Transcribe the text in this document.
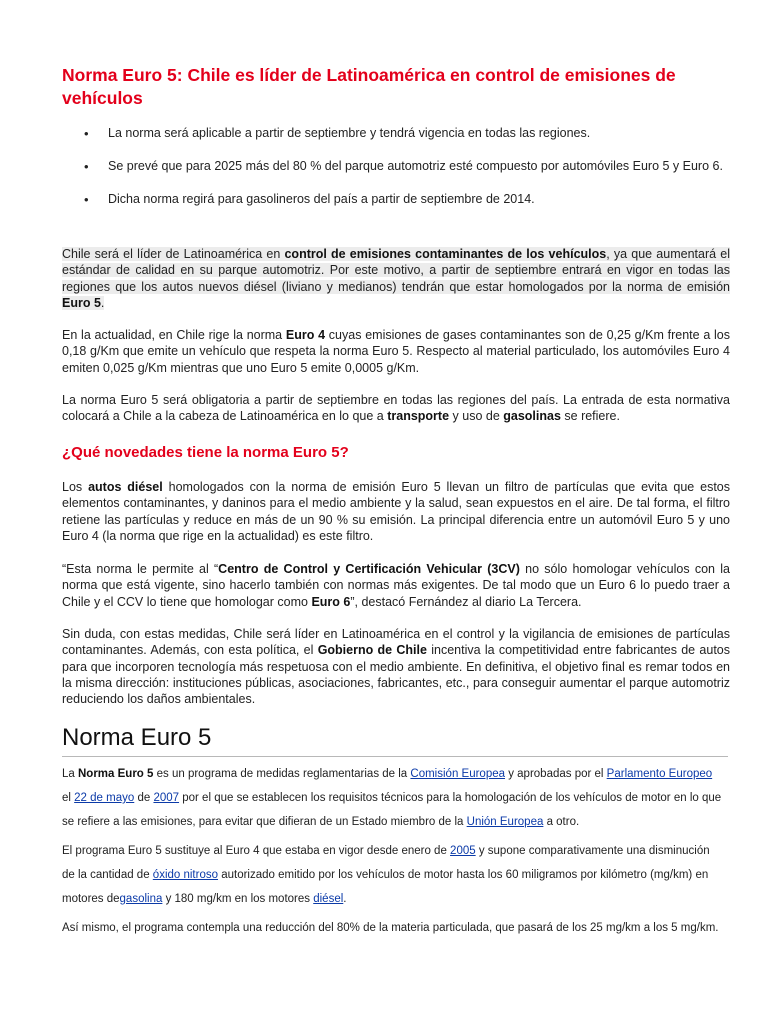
Norma Euro 5: Chile es líder de Latinoamérica en control de emisiones de vehículos
• La norma será aplicable a partir de septiembre y tendrá vigencia en todas las regiones.
• Se prevé que para 2025 más del 80 % del parque automotriz esté compuesto por automóviles Euro 5 y Euro 6.
• Dicha norma regirá para gasolineros del país a partir de septiembre de 2014.

Chile será el líder de Latinoamérica en control de emisiones contaminantes de los vehículos, ya que aumentará el estándar de calidad en su parque automotriz. Por este motivo, a partir de septiembre entrará en vigor en todas las regiones que los autos nuevos diésel (liviano y medianos) tendrán que estar homologados por la norma de emisión Euro 5.

En la actualidad, en Chile rige la norma Euro 4 cuyas emisiones de gases contaminantes son de 0,25 g/Km frente a los 0,18 g/Km que emite un vehículo que respeta la norma Euro 5. Respecto al material particulado, los automóviles Euro 4 emiten 0,025 g/Km mientras que uno Euro 5 emite 0,0005 g/Km.

La norma Euro 5 será obligatoria a partir de septiembre en todas las regiones del país. La entrada de esta normativa colocará a Chile a la cabeza de Latinoamérica en lo que a transporte y uso de gasolinas se refiere.

¿Qué novedades tiene la norma Euro 5?

Los autos diésel homologados con la norma de emisión Euro 5 llevan un filtro de partículas que evita que estos elementos contaminantes, y daninos para el medio ambiente y la salud, sean expuestos en el aire. De tal forma, el filtro retiene las partículas y reduce en más de un 90 % su emisión. La principal diferencia entre un automóvil Euro 5 y uno Euro 4 (la norma que rige en la actualidad) es este filtro.

“Esta norma le permite al “Centro de Control y Certificación Vehicular (3CV) no sólo homologar vehículos con la norma que está vigente, sino hacerlo también con normas más exigentes. De tal modo que un Euro 6 lo puedo traer a Chile y el CCV lo tiene que homologar como Euro 6”, destacó Fernández al diario La Tercera.

Sin duda, con estas medidas, Chile será líder en Latinoamérica en el control y la vigilancia de emisiones de partículas contaminantes. Además, con esta política, el Gobierno de Chile incentiva la competitividad entre fabricantes de autos para que incorporen tecnología más respetuosa con el medio ambiente. En definitiva, el objetivo final es remar todos en la misma dirección: instituciones públicas, asociaciones, fabricantes, etc., para conseguir aumentar el parque automotriz reduciendo los daños ambientales.

Norma Euro 5

La Norma Euro 5 es un programa de medidas reglamentarias de la Comisión Europea y aprobadas por el Parlamento Europeo el 22 de mayo de 2007 por el que se establecen los requisitos técnicos para la homologación de los vehículos de motor en lo que se refiere a las emisiones, para evitar que difieran de un Estado miembro de la Unión Europea a otro.

El programa Euro 5 sustituye al Euro 4 que estaba en vigor desde enero de 2005 y supone comparativamente una disminución de la cantidad de óxido nitroso autorizado emitido por los vehículos de motor hasta los 60 miligramos por kilómetro (mg/km) en motores degasolina y 180 mg/km en los motores diésel.

Así mismo, el programa contempla una reducción del 80% de la materia particulada, que pasará de los 25 mg/km a los 5 mg/km.
